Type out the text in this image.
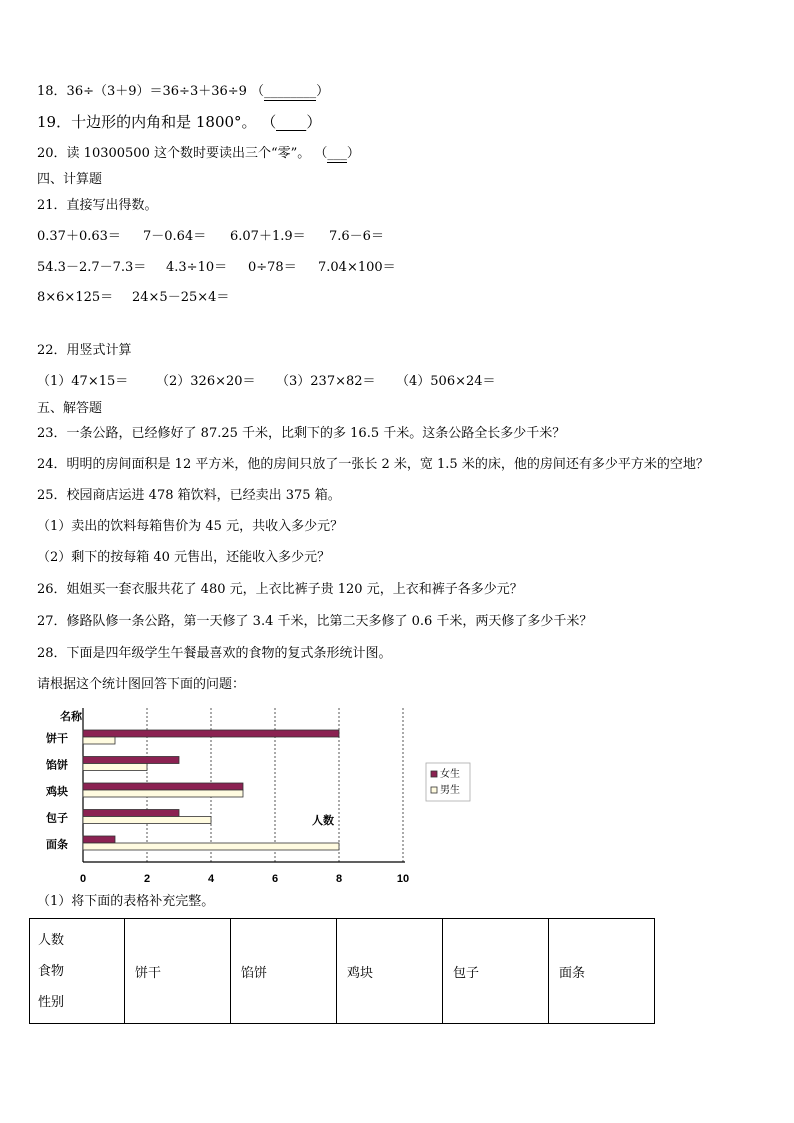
18．36÷（3＋9）＝36÷3＋36÷9 （________）
19．十边形的内角和是 1800°。 （____）
20．读 10300500 这个数时要读出三个“零”。 （___）
四、计算题
21．直接写出得数。
0.37＋0.63＝ 7－0.64＝ 6.07＋1.9＝ 7.6－6＝
54.3－2.7－7.3＝ 4.3÷10＝ 0÷78＝ 7.04×100＝
8×6×125＝ 24×5－25×4＝
22．用竖式计算
（1）47×15＝ （2）326×20＝ （3）237×82＝ （4）506×24＝
五、解答题
23．一条公路，已经修好了 87.25 千米，比剩下的多 16.5 千米。这条公路全长多少千米？
24．明明的房间面积是 12 平方米，他的房间只放了一张长 2 米，宽 1.5 米的床，他的房间还有多少平方米的空地？
25．校园商店运进 478 箱饮料，已经卖出 375 箱。
（1）卖出的饮料每箱售价为 45 元，共收入多少元？
（2）剩下的按每箱 40 元售出，还能收入多少元？
26．姐姐买一套衣服共花了 480 元，上衣比裤子贵 120 元，上衣和裤子各多少元？
27．修路队修一条公路，第一天修了 3.4 千米，比第二天多修了 0.6 千米，两天修了多少千米？
28．下面是四年级学生午餐最喜欢的食物的复式条形统计图。
请根据这个统计图回答下面的问题：
0	2	4	6	8	10
名称
人数
饼干
馅饼
鸡块
包子
面条
女生
男生
（1）将下面的表格补充完整。
人数
食物
性别
	饼干	馅饼	鸡块	包子	面条
